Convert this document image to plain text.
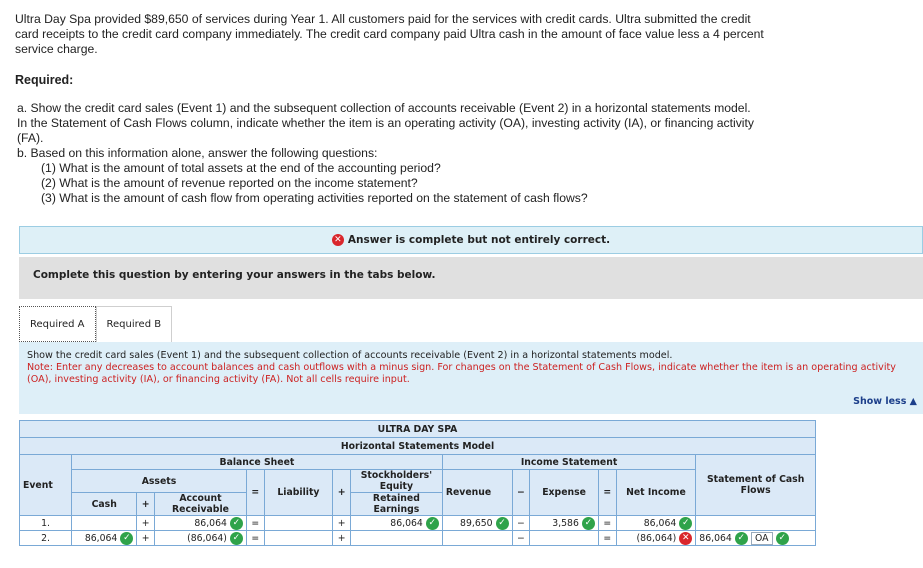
Ultra Day Spa provided $89,650 of services during Year 1. All customers paid for the services with credit cards. Ultra submitted the credit card receipts to the credit card company immediately. The credit card company paid Ultra cash in the amount of face value less a 4 percent service charge.

Required:

a. Show the credit card sales (Event 1) and the subsequent collection of accounts receivable (Event 2) in a horizontal statements model. In the Statement of Cash Flows column, indicate whether the item is an operating activity (OA), investing activity (IA), or financing activity (FA).

b. Based on this information alone, answer the following questions:

(1) What is the amount of total assets at the end of the accounting period?

(2) What is the amount of revenue reported on the income statement?

(3) What is the amount of cash flow from operating activities reported on the statement of cash flows?

✕ Answer is complete but not entirely correct.
Complete this question by entering your answers in the tabs below.
Required A	Required B
Show the credit card sales (Event 1) and the subsequent collection of accounts receivable (Event 2) in a horizontal statements model.
Note: Enter any decreases to account balances and cash outflows with a minus sign. For changes on the Statement of Cash Flows, indicate whether the item is an operating activity (OA), investing activity (IA), or financing activity (FA). Not all cells require input.
Show less ▲
ULTRA DAY SPA													
Horizontal Statements Model													
Event	Balance Sheet							Income Statement					Statement of Cash Flows
	Assets			=	Liability	+	Stockholders' Equity	Revenue	−	Expense	=	Net Income	
	Cash	+	Account Receivable				Retained Earnings						
1.		+	86,064 ✓	=		+	86,064 ✓	89,650 ✓	−	3,586 ✓	=	86,064 ✓	
2.	86,064 ✓	+	(86,064) ✓	=		+			−		=	(86,064) ✕	86,064 ✓ OA ✓
